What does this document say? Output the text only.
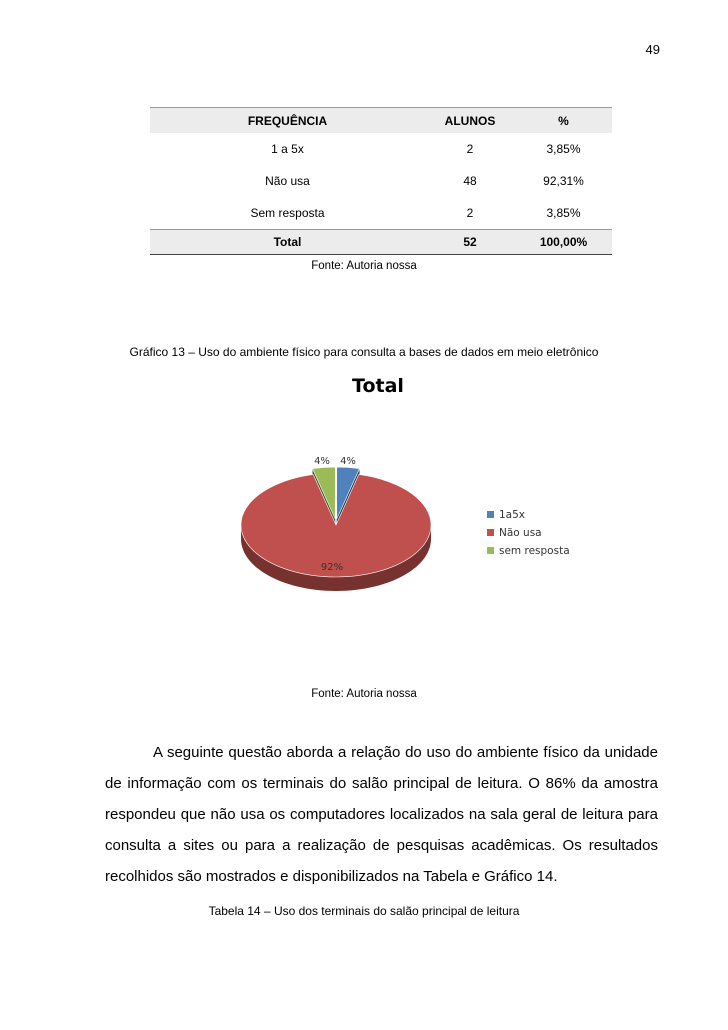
49
FREQUÊNCIA	ALUNOS	%
1 a 5x	2	3,85%
Não usa	48	92,31%
Sem resposta	2	3,85%
Total	52	100,00%
Fonte: Autoria nossa
Gráfico 13 – Uso do ambiente físico para consulta a bases de dados em meio eletrônico
Total
4%
92%
4%
1a5x
Não usa
sem resposta
Fonte: Autoria nossa

A seguinte questão aborda a relação do uso do ambiente físico da unidade de informação com os terminais do salão principal de leitura. O 86% da amostra respondeu que não usa os computadores localizados na sala geral de leitura para consulta a sites ou para a realização de pesquisas acadêmicas. Os resultados recolhidos são mostrados e disponibilizados na Tabela e Gráfico 14.

Tabela 14 – Uso dos terminais do salão principal de leitura
